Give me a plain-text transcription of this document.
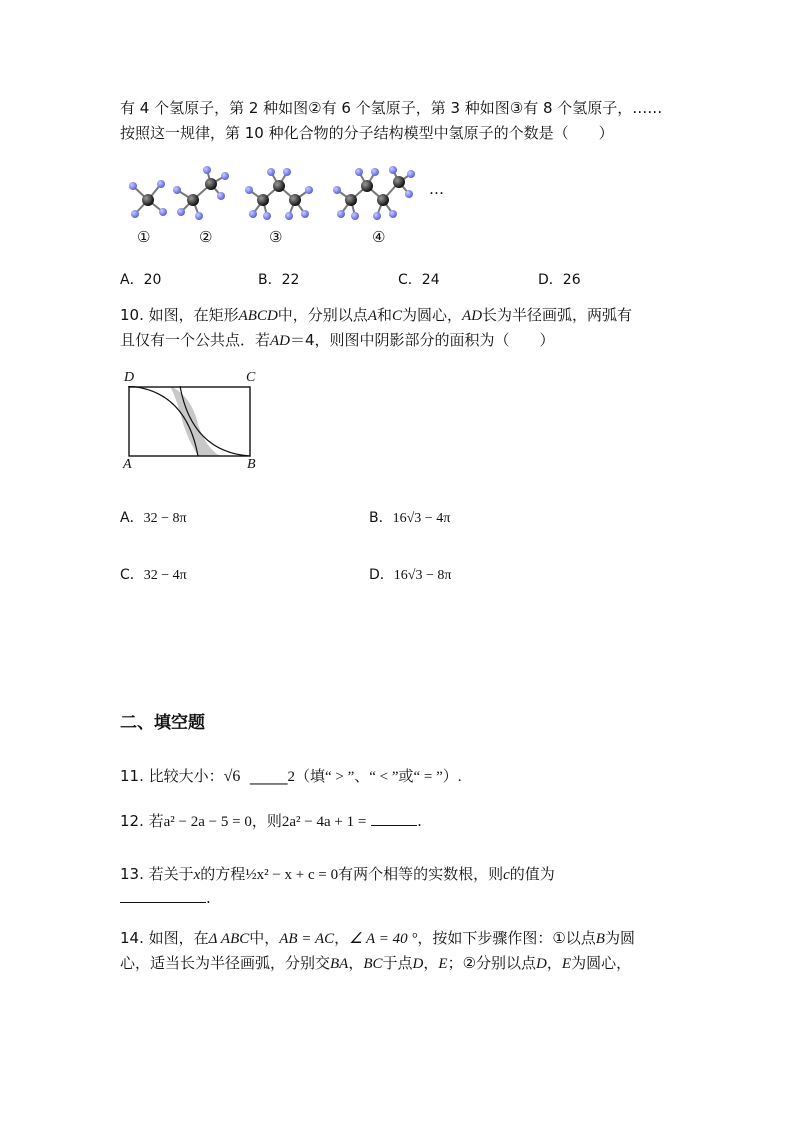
有 4 个氢原子，第 2 种如图②有 6 个氢原子，第 3 种如图③有 8 个氢原子，……
按照这一规律，第 10 种化合物的分子结构模型中氢原子的个数是（　　）
…
①	②	③	④
A．20	B．22	C．24	D．26
10. 如图，在矩形ABCD中，分别以点A和C为圆心，AD长为半径画弧，两弧有
且仅有一个公共点．若AD＝4，则图中阴影部分的面积为（　　）
D	C
A	B
A．32 − 8π	B．16√3 − 4π
C．32 − 4π	D．16√3 − 8π
二、填空题
11. 比较大小：√6 _____2（填“ > ”、“ < ”或“ = ”）.
12. 若a² − 2a − 5 = 0，则2a² − 4a + 1 =	.
13. 若关于x的方程½x² − x + c = 0有两个相等的实数根，则c的值为
.
14. 如图，在Δ ABC中，AB = AC，∠ A = 40 °，按如下步骤作图：①以点B为圆
心，适当长为半径画弧，分别交BA，BC于点D，E；②分别以点D，E为圆心，
